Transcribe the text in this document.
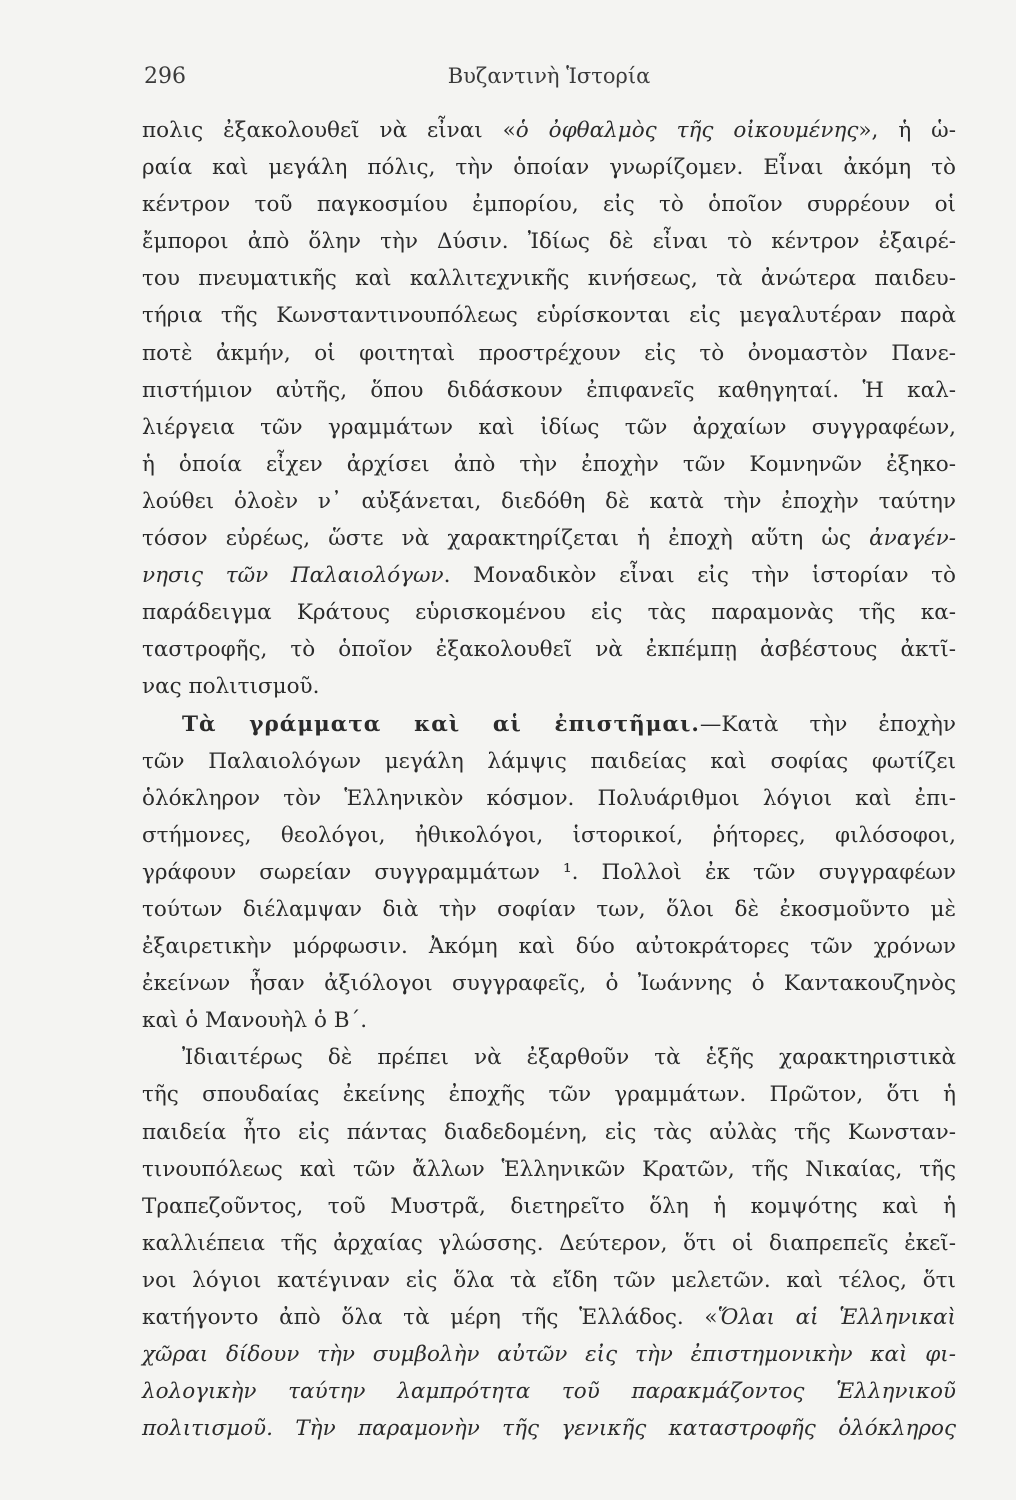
296	Βυζαντινὴ Ἱστορία
πολις ἐξακολουθεῖ νὰ εἶναι «ὁ ὀφθαλμὸς τῆς οἰκουμένης», ἡ ὡ-
ραία καὶ μεγάλη πόλις, τὴν ὁποίαν γνωρίζομεν. Εἶναι ἀκόμη τὸ
κέντρον τοῦ παγκοσμίου ἐμπορίου, εἰς τὸ ὁποῖον συρρέουν οἱ
ἔμποροι ἀπὸ ὅλην τὴν Δύσιν. Ἰδίως δὲ εἶναι τὸ κέντρον ἐξαιρέ-
του πνευματικῆς καὶ καλλιτεχνικῆς κινήσεως, τὰ ἀνώτερα παιδευ-
τήρια τῆς Κωνσταντινουπόλεως εὑρίσκονται εἰς μεγαλυτέραν παρὰ
ποτὲ ἀκμήν, οἱ φοιτηταὶ προστρέχουν εἰς τὸ ὀνομαστὸν Πανε-
πιστήμιον αὐτῆς, ὅπου διδάσκουν ἐπιφανεῖς καθηγηταί. Ἡ καλ-
λιέργεια τῶν γραμμάτων καὶ ἰδίως τῶν ἀρχαίων συγγραφέων,
ἡ ὁποία εἶχεν ἀρχίσει ἀπὸ τὴν ἐποχὴν τῶν Κομνηνῶν ἐξηκο-
λούθει ὁλοὲν ν᾿ αὐξάνεται, διεδόθη δὲ κατὰ τὴν ἐποχὴν ταύτην
τόσον εὐρέως, ὥστε νὰ χαρακτηρίζεται ἡ ἐποχὴ αὕτη ὡς ἀναγέν-
νησις τῶν Παλαιολόγων. Μοναδικὸν εἶναι εἰς τὴν ἱστορίαν τὸ
παράδειγμα Κράτους εὑρισκομένου εἰς τὰς παραμονὰς τῆς κα-
ταστροφῆς, τὸ ὁποῖον ἐξακολουθεῖ νὰ ἐκπέμπῃ ἀσβέστους ἀκτῖ-
νας πολιτισμοῦ.
Τὰ γράμματα καὶ αἱ ἐπιστῆμαι.—Κατὰ τὴν ἐποχὴν
τῶν Παλαιολόγων μεγάλη λάμψις παιδείας καὶ σοφίας φωτίζει
ὁλόκληρον τὸν Ἑλληνικὸν κόσμον. Πολυάριθμοι λόγιοι καὶ ἐπι-
στήμονες, θεολόγοι, ἠθικολόγοι, ἱστορικοί, ῥήτορες, φιλόσοφοι,
γράφουν σωρείαν συγγραμμάτων ¹. Πολλοὶ ἐκ τῶν συγγραφέων
τούτων διέλαμψαν διὰ τὴν σοφίαν των, ὅλοι δὲ ἐκοσμοῦντο μὲ
ἐξαιρετικὴν μόρφωσιν. Ἀκόμη καὶ δύο αὐτοκράτορες τῶν χρόνων
ἐκείνων ἦσαν ἀξιόλογοι συγγραφεῖς, ὁ Ἰωάννης ὁ Καντακουζηνὸς
καὶ ὁ Μανουὴλ ὁ Β΄.
Ἰδιαιτέρως δὲ πρέπει νὰ ἐξαρθοῦν τὰ ἑξῆς χαρακτηριστικὰ
τῆς σπουδαίας ἐκείνης ἐποχῆς τῶν γραμμάτων. Πρῶτον, ὅτι ἡ
παιδεία ἦτο εἰς πάντας διαδεδομένη, εἰς τὰς αὐλὰς τῆς Κωνσταν-
τινουπόλεως καὶ τῶν ἄλλων Ἑλληνικῶν Κρατῶν, τῆς Νικαίας, τῆς
Τραπεζοῦντος, τοῦ Μυστρᾶ, διετηρεῖτο ὅλη ἡ κομψότης καὶ ἡ
καλλιέπεια τῆς ἀρχαίας γλώσσης. Δεύτερον, ὅτι οἱ διαπρεπεῖς ἐκεῖ-
νοι λόγιοι κατέγιναν εἰς ὅλα τὰ εἴδη τῶν μελετῶν. καὶ τέλος, ὅτι
κατήγοντο ἀπὸ ὅλα τὰ μέρη τῆς Ἑλλάδος. «Ὅλαι αἱ Ἑλληνικαὶ
χῶραι δίδουν τὴν συμβολὴν αὐτῶν εἰς τὴν ἐπιστημονικὴν καὶ φι-
λολογικὴν ταύτην λαμπρότητα τοῦ παρακμάζοντος Ἑλληνικοῦ
πολιτισμοῦ. Τὴν παραμονὴν τῆς γενικῆς καταστροφῆς ὁλόκληρος
